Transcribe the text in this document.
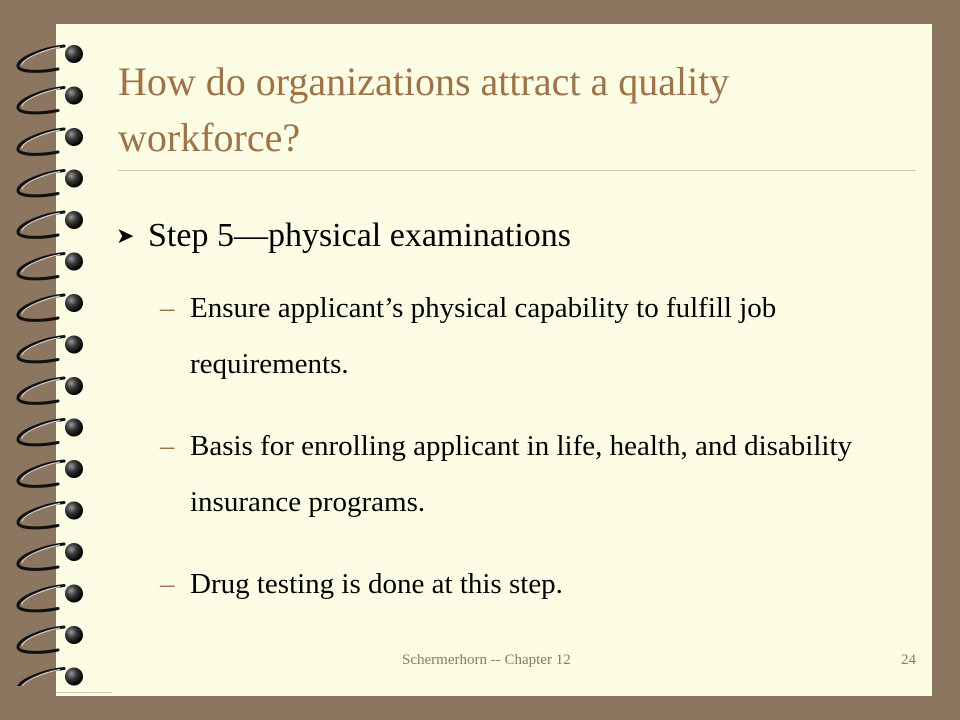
How do organizations attract a quality workforce?
➤ Step 5—physical examinations
– Ensure applicant’s physical capability to fulfill job requirements.
– Basis for enrolling applicant in life, health, and disability insurance programs.
– Drug testing is done at this step.
Schermerhorn -- Chapter 12	24
